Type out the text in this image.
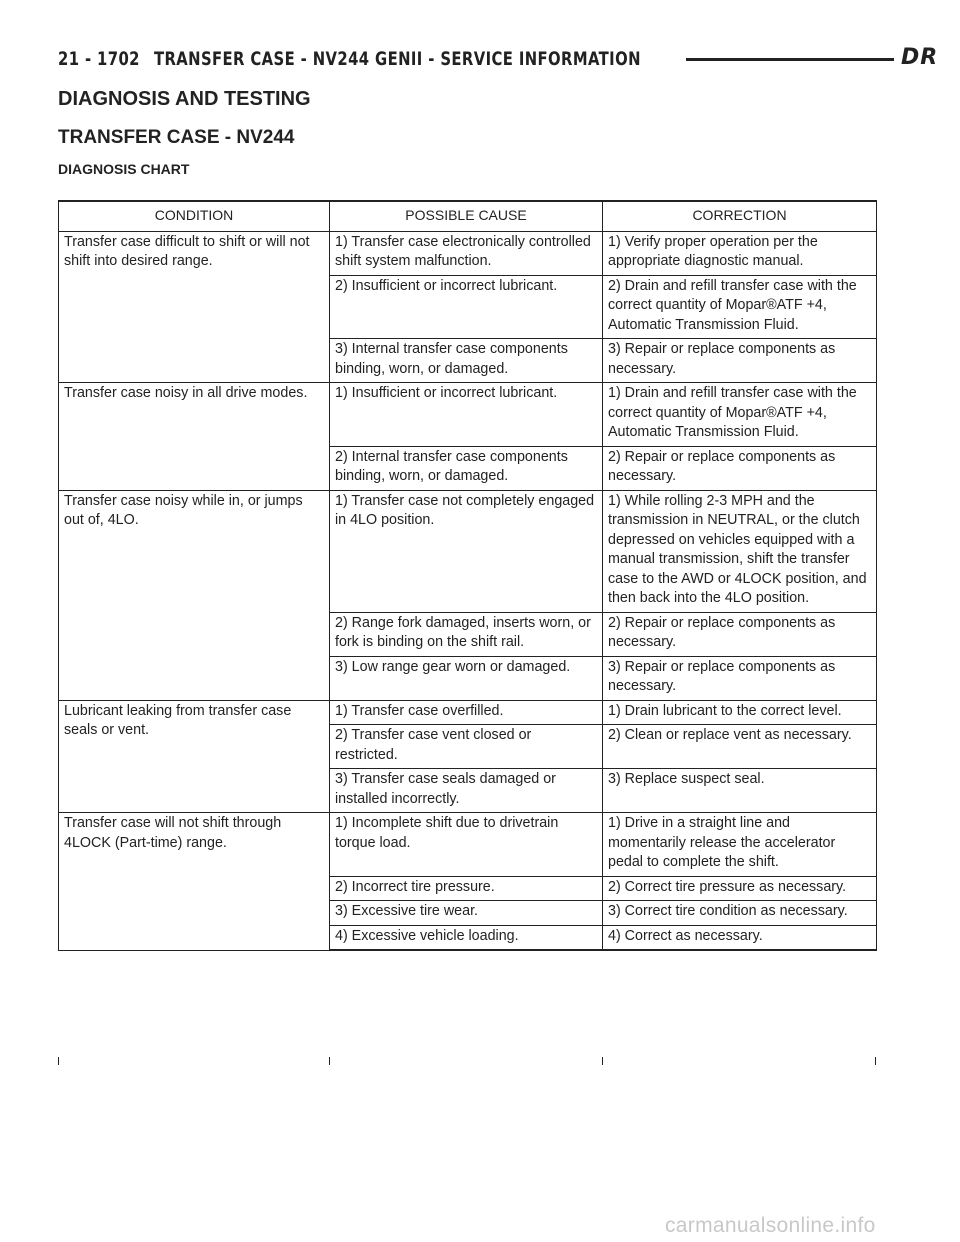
21 - 1702 TRANSFER CASE - NV244 GENII - SERVICE INFORMATION	DR
DIAGNOSIS AND TESTING
TRANSFER CASE - NV244
DIAGNOSIS CHART
CONDITION	POSSIBLE CAUSE	CORRECTION
Transfer case difficult to shift or will not shift into desired range.	1) Transfer case electronically controlled shift system malfunction.	1) Verify proper operation per the appropriate diagnostic manual.
	2) Insufficient or incorrect lubricant.	2) Drain and refill transfer case with the correct quantity of Mopar®ATF +4, Automatic Transmission Fluid.
	3) Internal transfer case components binding, worn, or damaged.	3) Repair or replace components as necessary.
Transfer case noisy in all drive modes.	1) Insufficient or incorrect lubricant.	1) Drain and refill transfer case with the correct quantity of Mopar®ATF +4, Automatic Transmission Fluid.
	2) Internal transfer case components binding, worn, or damaged.	2) Repair or replace components as necessary.
Transfer case noisy while in, or jumps out of, 4LO.	1) Transfer case not completely engaged in 4LO position.	1) While rolling 2-3 MPH and the transmission in NEUTRAL, or the clutch depressed on vehicles equipped with a manual transmission, shift the transfer case to the AWD or 4LOCK position, and then back into the 4LO position.
	2) Range fork damaged, inserts worn, or fork is binding on the shift rail.	2) Repair or replace components as necessary.
	3) Low range gear worn or damaged.	3) Repair or replace components as necessary.
Lubricant leaking from transfer case seals or vent.	1) Transfer case overfilled.	1) Drain lubricant to the correct level.
	2) Transfer case vent closed or restricted.	2) Clean or replace vent as necessary.
	3) Transfer case seals damaged or installed incorrectly.	3) Replace suspect seal.
Transfer case will not shift through 4LOCK (Part-time) range.	1) Incomplete shift due to drivetrain torque load.	1) Drive in a straight line and momentarily release the accelerator pedal to complete the shift.
	2) Incorrect tire pressure.	2) Correct tire pressure as necessary.
	3) Excessive tire wear.	3) Correct tire condition as necessary.
	4) Excessive vehicle loading.	4) Correct as necessary.
carmanualsonline.info
